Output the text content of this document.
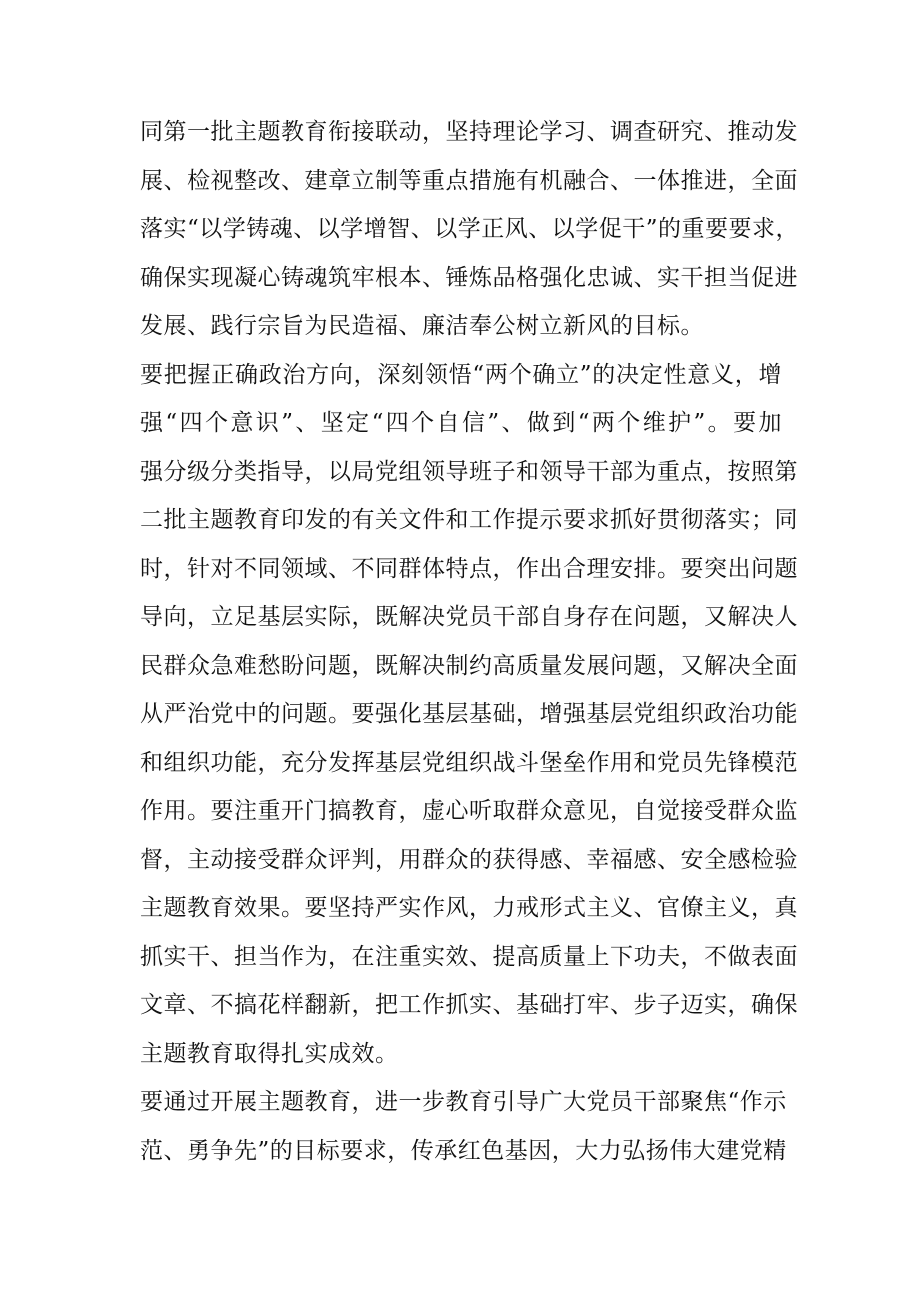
同第一批主题教育衔接联动，坚持理论学习、调查研究、推动发
展、检视整改、建章立制等重点措施有机融合、一体推进，全面
落实“以学铸魂、以学增智、以学正风、以学促干”的重要要求，
确保实现凝心铸魂筑牢根本、锤炼品格强化忠诚、实干担当促进
发展、践行宗旨为民造福、廉洁奉公树立新风的目标。
要把握正确政治方向，深刻领悟“两个确立”的决定性意义，增
强“四个意识”、坚定“四个自信”、做到“两个维护”。要加
强分级分类指导，以局党组领导班子和领导干部为重点，按照第
二批主题教育印发的有关文件和工作提示要求抓好贯彻落实；同
时，针对不同领域、不同群体特点，作出合理安排。要突出问题
导向，立足基层实际，既解决党员干部自身存在问题，又解决人
民群众急难愁盼问题，既解决制约高质量发展问题，又解决全面
从严治党中的问题。要强化基层基础，增强基层党组织政治功能
和组织功能，充分发挥基层党组织战斗堡垒作用和党员先锋模范
作用。要注重开门搞教育，虚心听取群众意见，自觉接受群众监
督，主动接受群众评判，用群众的获得感、幸福感、安全感检验
主题教育效果。要坚持严实作风，力戒形式主义、官僚主义，真
抓实干、担当作为，在注重实效、提高质量上下功夫，不做表面
文章、不搞花样翻新，把工作抓实、基础打牢、步子迈实，确保
主题教育取得扎实成效。
要通过开展主题教育，进一步教育引导广大党员干部聚焦“作示
范、勇争先”的目标要求，传承红色基因，大力弘扬伟大建党精
